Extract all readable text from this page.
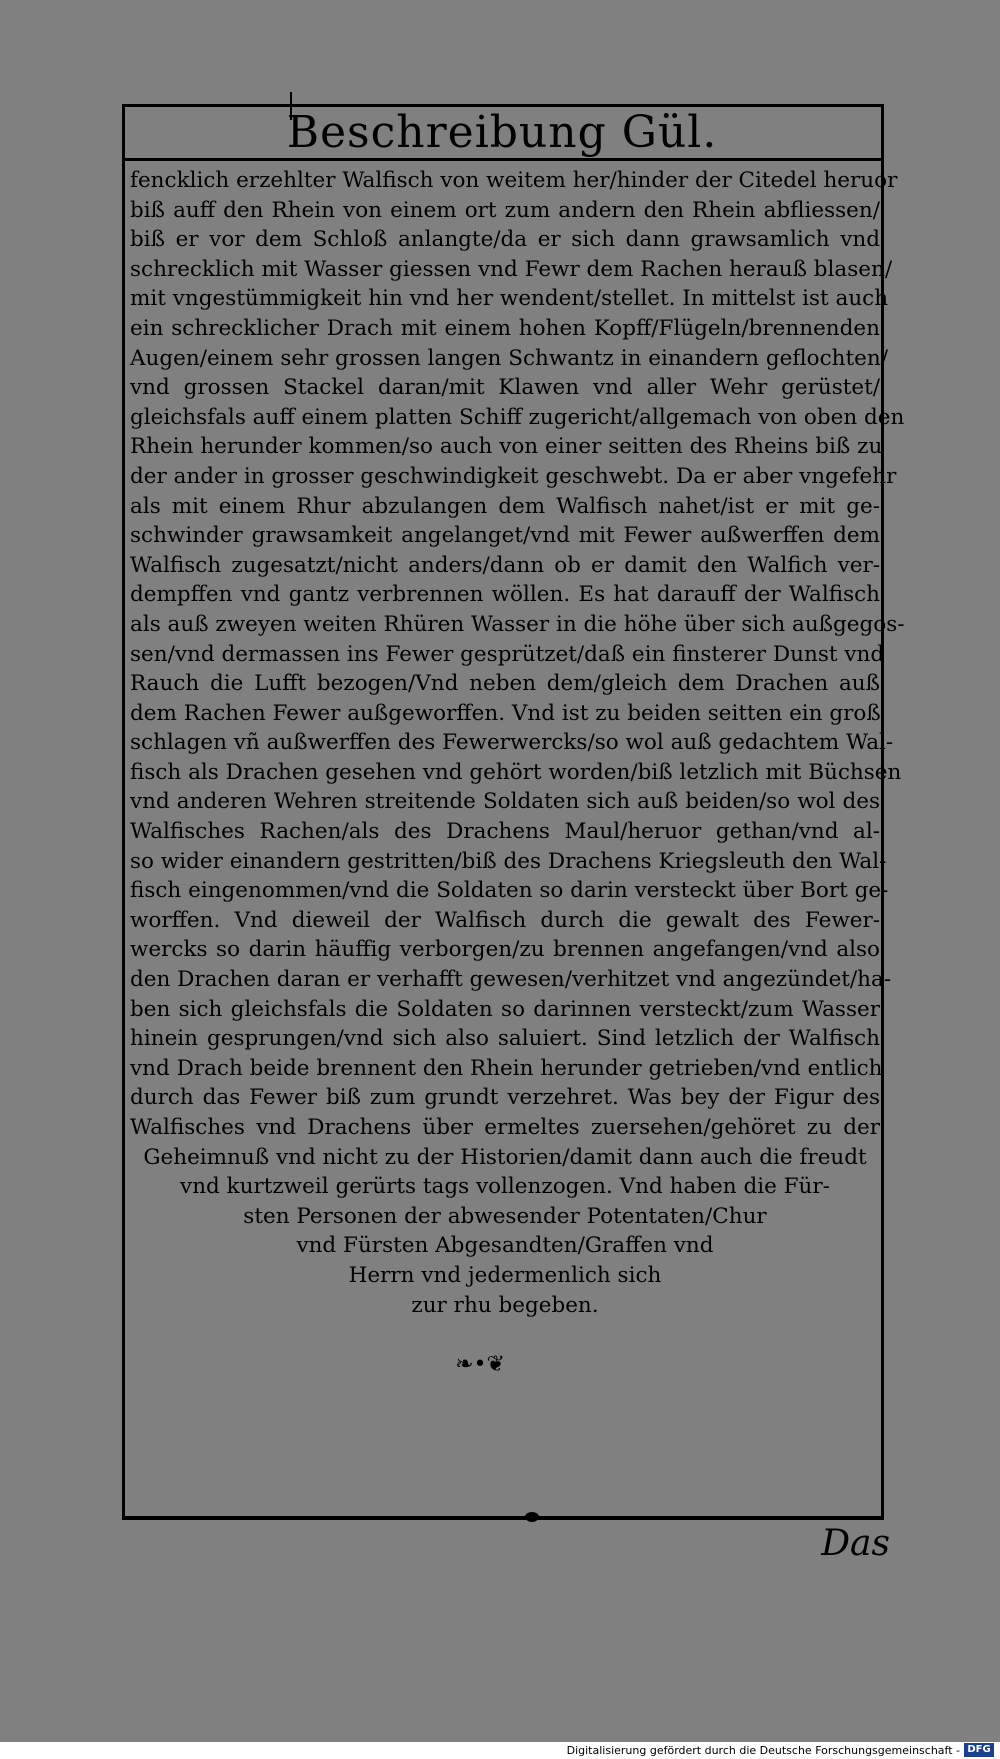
Beschreibung Gül.
fencklich erzehlter Walfisch von weitem her/hinder der Citedel heruor
biß auff den Rhein von einem ort zum andern den Rhein abfliessen/
biß er vor dem Schloß anlangte/da er sich dann grawsamlich vnd
schrecklich mit Wasser giessen vnd Fewr dem Rachen herauß blasen/
mit vngestümmigkeit hin vnd her wendent/stellet. In mittelst ist auch
ein schrecklicher Drach mit einem hohen Kopff/Flügeln/brennenden
Augen/einem sehr grossen langen Schwantz in einandern geflochten/
vnd grossen Stackel daran/mit Klawen vnd aller Wehr gerüstet/
gleichsfals auff einem platten Schiff zugericht/allgemach von oben den
Rhein herunder kommen/so auch von einer seitten des Rheins biß zu
der ander in grosser geschwindigkeit geschwebt. Da er aber vngefehr
als mit einem Rhur abzulangen dem Walfisch nahet/ist er mit ge-
schwinder grawsamkeit angelanget/vnd mit Fewer außwerffen dem
Walfisch zugesatzt/nicht anders/dann ob er damit den Walfich ver-
dempffen vnd gantz verbrennen wöllen. Es hat darauff der Walfisch
als auß zweyen weiten Rhüren Wasser in die höhe über sich außgegos-
sen/vnd dermassen ins Fewer gesprützet/daß ein finsterer Dunst vnd
Rauch die Lufft bezogen/Vnd neben dem/gleich dem Drachen auß
dem Rachen Fewer außgeworffen. Vnd ist zu beiden seitten ein groß
schlagen vñ außwerffen des Fewerwercks/so wol auß gedachtem Wal-
fisch als Drachen gesehen vnd gehört worden/biß letzlich mit Büchsen
vnd anderen Wehren streitende Soldaten sich auß beiden/so wol des
Walfisches Rachen/als des Drachens Maul/heruor gethan/vnd al-
so wider einandern gestritten/biß des Drachens Kriegsleuth den Wal-
fisch eingenommen/vnd die Soldaten so darin versteckt über Bort ge-
worffen. Vnd dieweil der Walfisch durch die gewalt des Fewer-
wercks so darin häuffig verborgen/zu brennen angefangen/vnd also
den Drachen daran er verhafft gewesen/verhitzet vnd angezündet/ha-
ben sich gleichsfals die Soldaten so darinnen versteckt/zum Wasser
hinein gesprungen/vnd sich also saluiert. Sind letzlich der Walfisch
vnd Drach beide brennent den Rhein herunder getrieben/vnd entlich
durch das Fewer biß zum grundt verzehret. Was bey der Figur des
Walfisches vnd Drachens über ermeltes zuersehen/gehöret zu der
Geheimnuß vnd nicht zu der Historien/damit dann auch die freudt
vnd kurtzweil gerürts tags vollenzogen. Vnd haben die Für-
sten Personen der abwesender Potentaten/Chur
vnd Fürsten Abgesandten/Graffen vnd
Herrn vnd jedermenlich sich
zur rhu begeben.
❧•❦
Das
Digitalisierung gefördert durch die Deutsche Forschungsgemeinschaft - DFG
